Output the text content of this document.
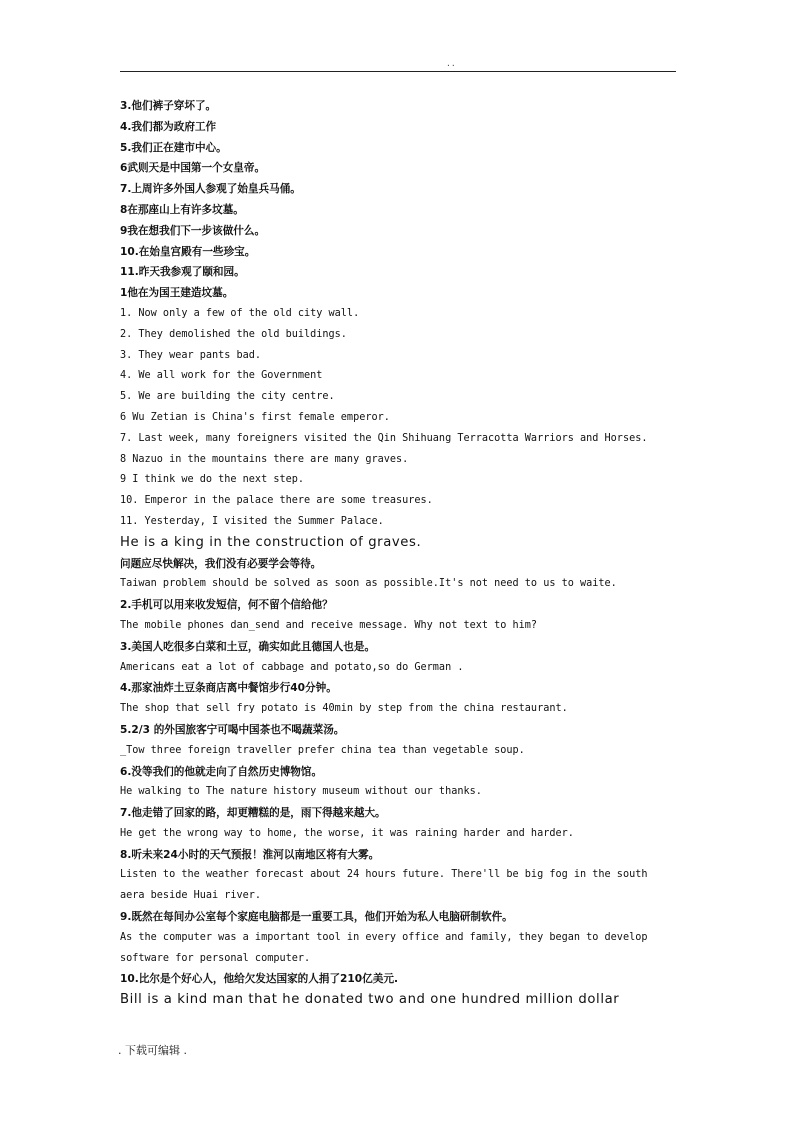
..
3.他们裤子穿坏了。
4.我们都为政府工作
5.我们正在建市中心。
6武则天是中国第一个女皇帝。
7.上周许多外国人参观了始皇兵马俑。
8在那座山上有许多坟墓。
9我在想我们下一步该做什么。
10.在始皇宫殿有一些珍宝。
11.昨天我参观了颐和园。
1他在为国王建造坟墓。
1. Now only a few of the old city wall.
2. They demolished the old buildings.
3. They wear pants bad.
4. We all work for the Government
5. We are building the city centre.
6 Wu Zetian is China's first female emperor.
7. Last week, many foreigners visited the Qin Shihuang Terracotta Warriors and Horses.
8 Nazuo in the mountains there are many graves.
9 I think we do the next step.
10. Emperor in the palace there are some treasures.
11. Yesterday, I visited the Summer Palace.
He is a king in the construction of graves.
问题应尽快解决，我们没有必要学会等待。
Taiwan problem should be solved as soon as possible.It's not need to us to waite.
2.手机可以用来收发短信，何不留个信给他？
The mobile phones dan_send and receive message. Why not text to him?
3.美国人吃很多白菜和土豆，确实如此且德国人也是。
Americans eat a lot of cabbage and potato,so do German .
4.那家油炸土豆条商店离中餐馆步行40分钟。
The shop that sell fry potato is 40min by step from the china restaurant.
5.2/3 的外国旅客宁可喝中国茶也不喝蔬菜汤。
_Tow three foreign traveller prefer china tea than vegetable soup.
6.没等我们的他就走向了自然历史博物馆。
He walking to The nature history museum without our thanks.
7.他走错了回家的路，却更糟糕的是，雨下得越来越大。
He get the wrong way to home, the worse, it was raining harder and harder.
8.听未来24小时的天气预报！淮河以南地区将有大雾。
Listen to the weather forecast about 24 hours future. There'll be big fog in the south
aera beside Huai river.
9.既然在每间办公室每个家庭电脑都是一重要工具，他们开始为私人电脑研制软件。
As the computer was a important tool in every office and family, they began to develop
software for personal computer.
10.比尔是个好心人，他给欠发达国家的人捐了210亿美元.
Bill is a kind man that he donated two and one hundred million dollar
. 下载可编辑 .
